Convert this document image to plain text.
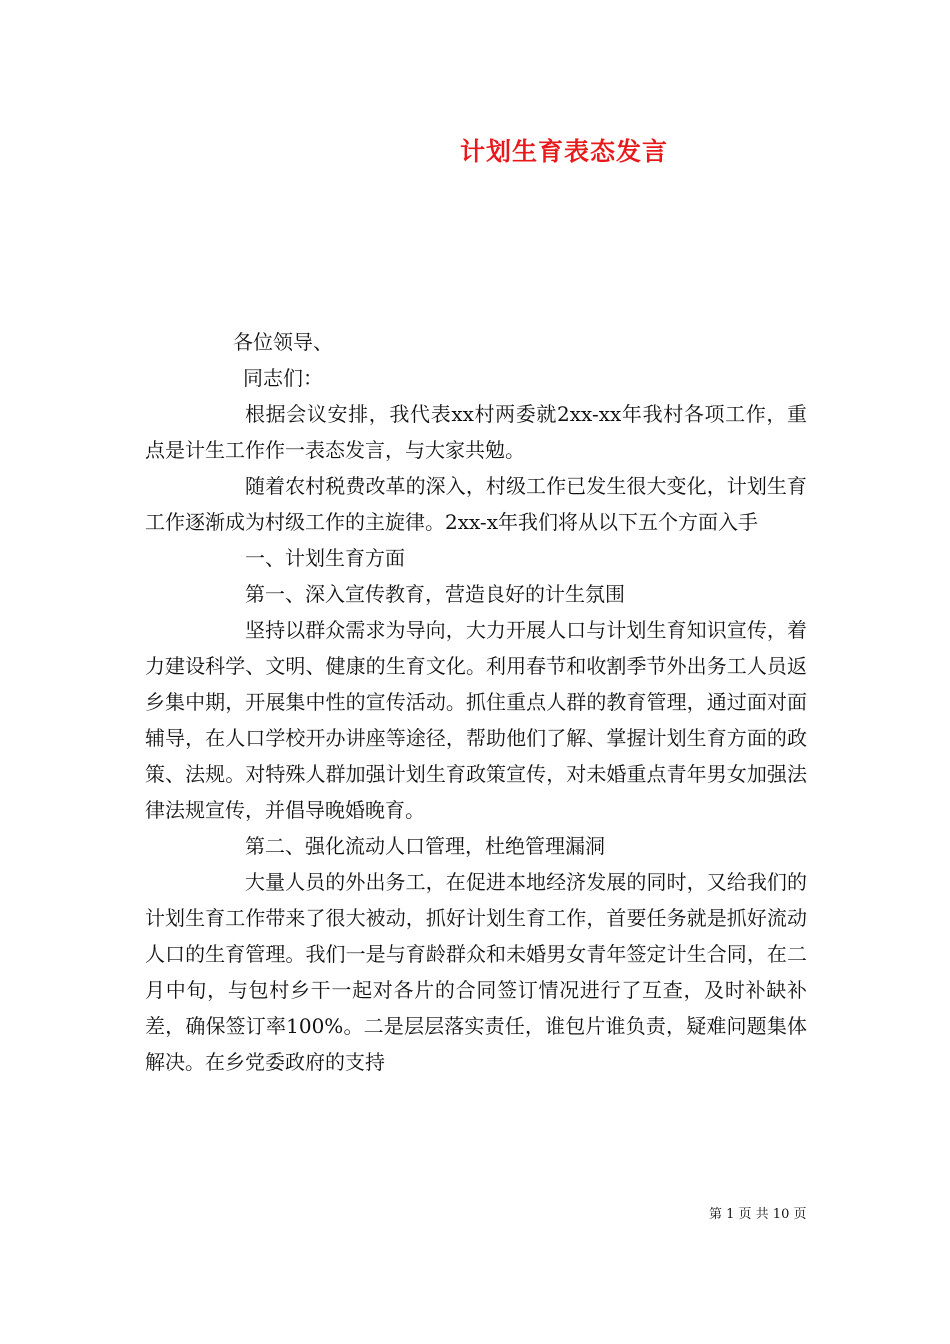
计划生育表态发言

各位领导、

同志们：

根据会议安排，我代表xx村两委就2xx-xx年我村各项工作，重点是计生工作作一表态发言，与大家共勉。

随着农村税费改革的深入，村级工作已发生很大变化，计划生育工作逐渐成为村级工作的主旋律。2xx-x年我们将从以下五个方面入手

一、计划生育方面

第一、深入宣传教育，营造良好的计生氛围

坚持以群众需求为导向，大力开展人口与计划生育知识宣传，着力建设科学、文明、健康的生育文化。利用春节和收割季节外出务工人员返乡集中期，开展集中性的宣传活动。抓住重点人群的教育管理，通过面对面辅导，在人口学校开办讲座等途径，帮助他们了解、掌握计划生育方面的政策、法规。对特殊人群加强计划生育政策宣传，对未婚重点青年男女加强法律法规宣传，并倡导晚婚晚育。

第二、强化流动人口管理，杜绝管理漏洞

大量人员的外出务工，在促进本地经济发展的同时，又给我们的计划生育工作带来了很大被动，抓好计划生育工作，首要任务就是抓好流动人口的生育管理。我们一是与育龄群众和未婚男女青年签定计生合同，在二月中旬，与包村乡干一起对各片的合同签订情况进行了互查，及时补缺补差，确保签订率100%。二是层层落实责任，谁包片谁负责，疑难问题集体解决。在乡党委政府的支持

第 1 页 共 10 页
